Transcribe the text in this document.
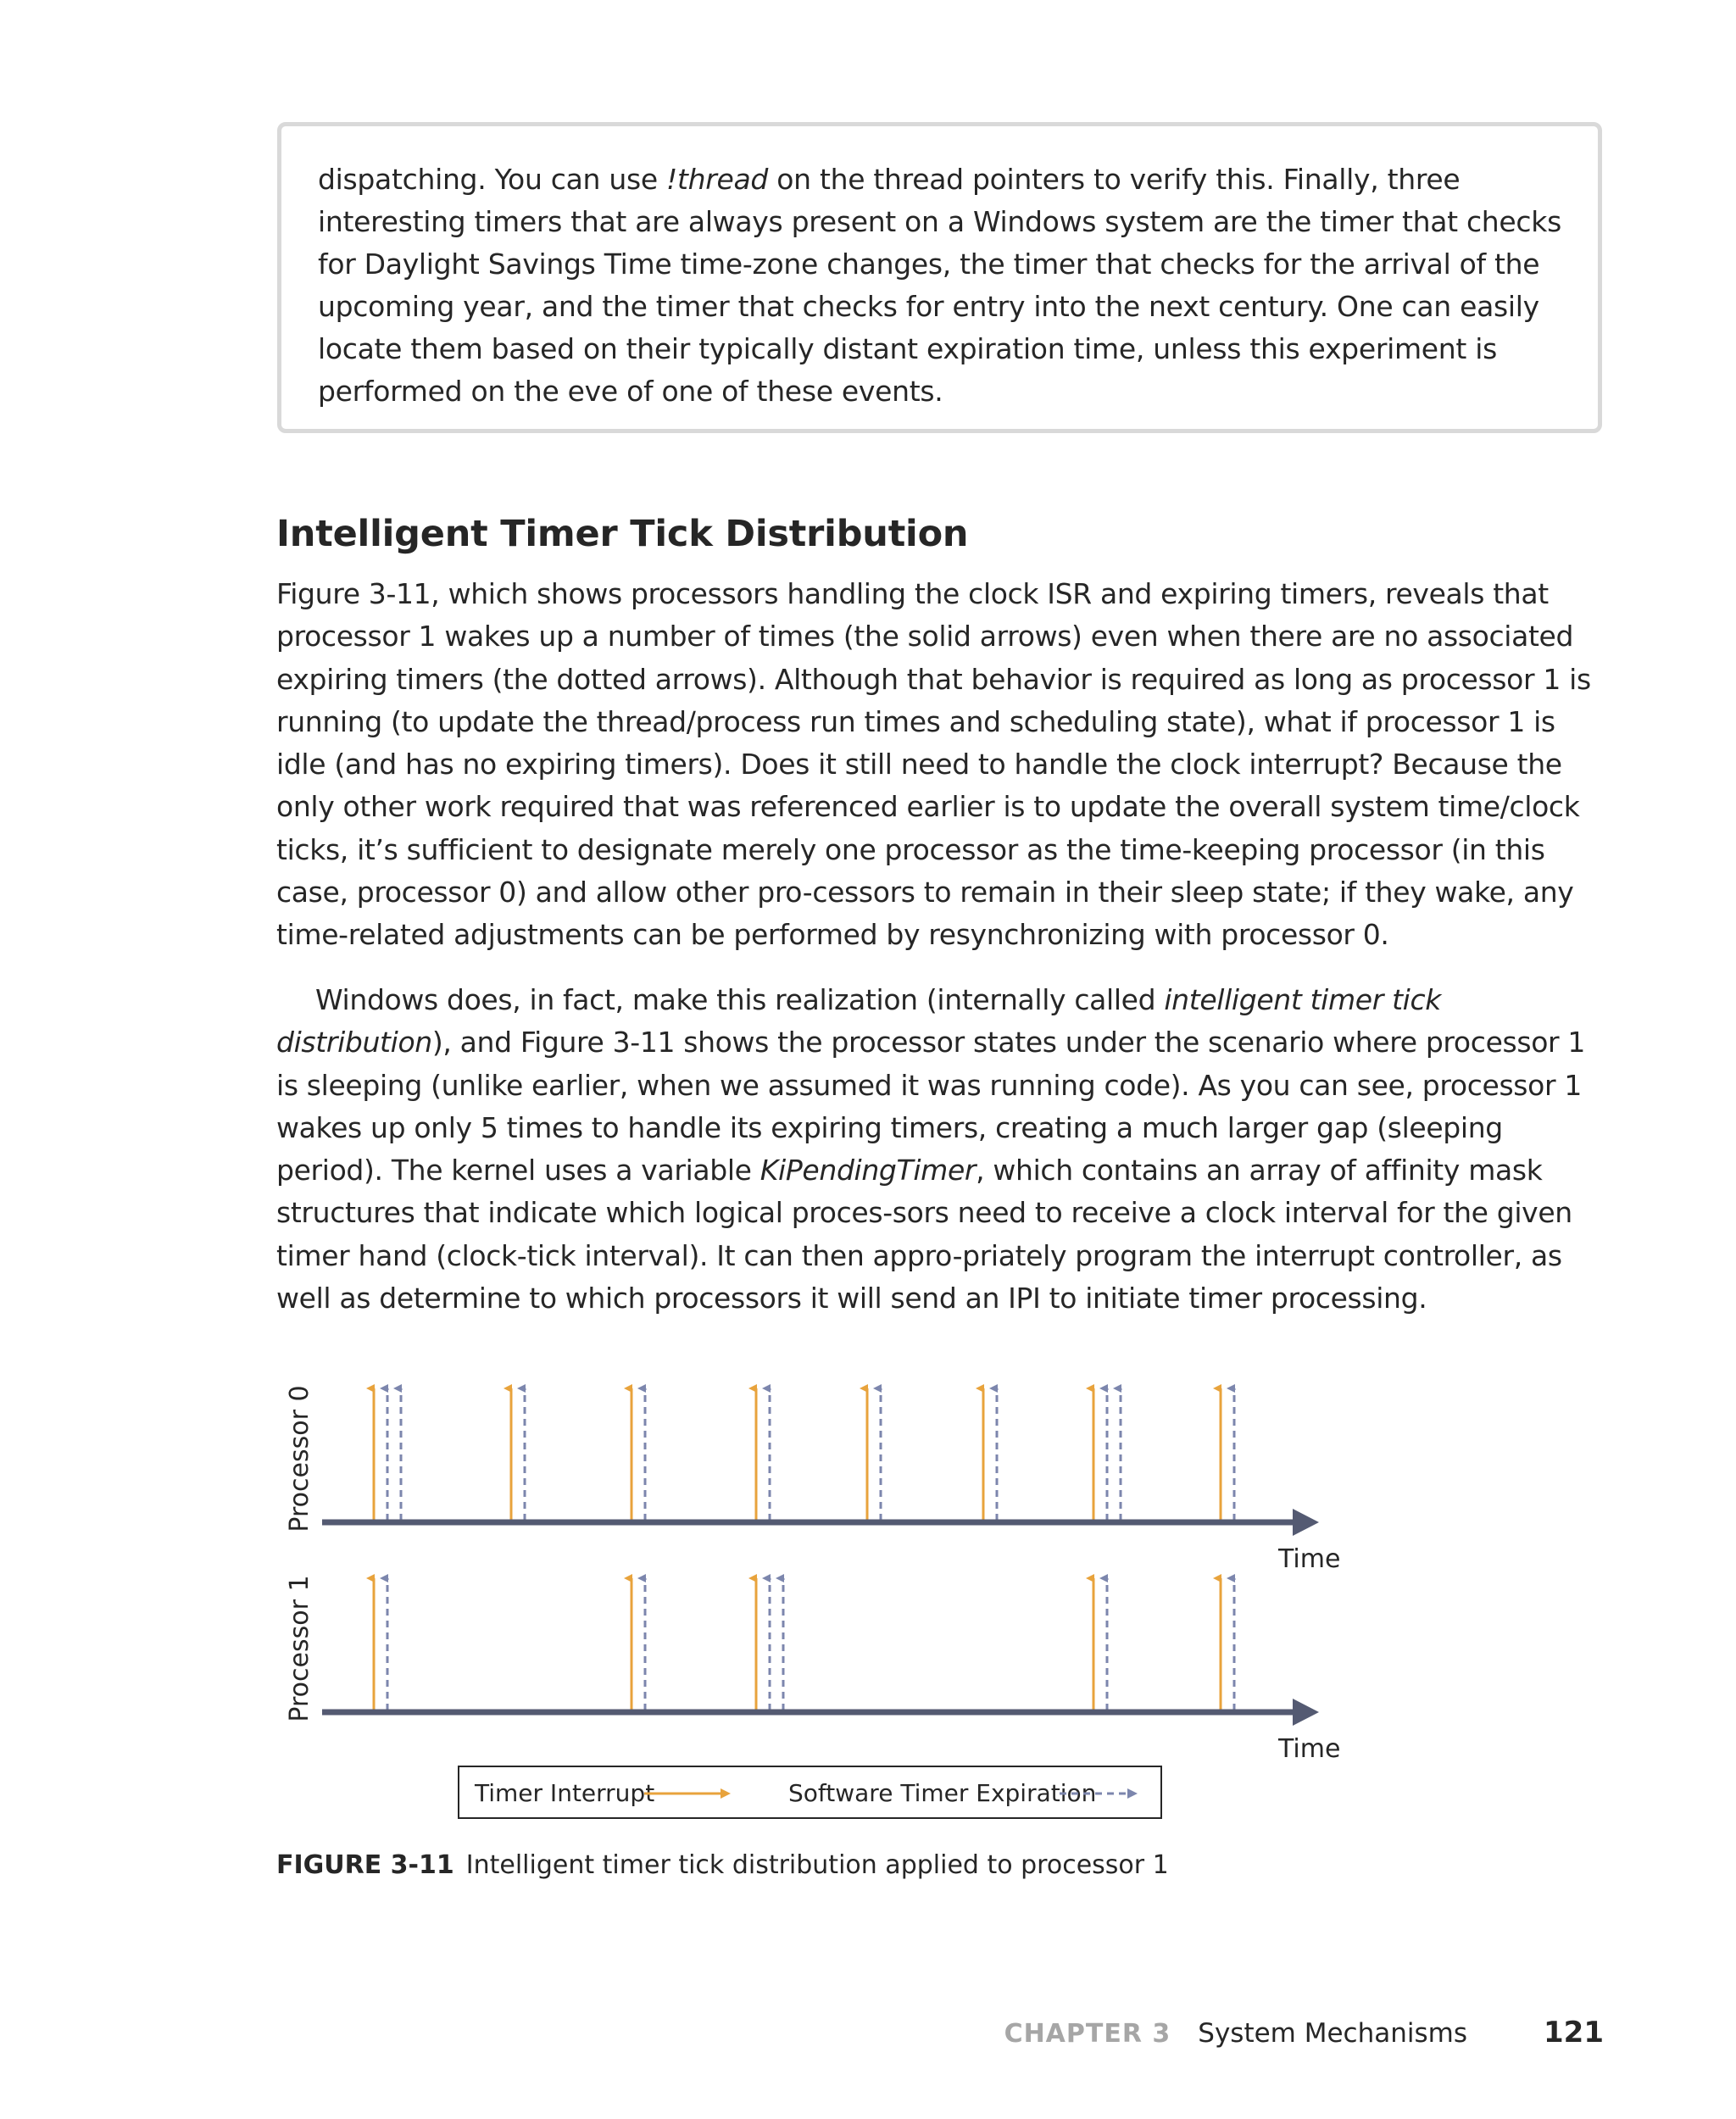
dispatching. You can use !thread on the thread pointers to verify this. Finally, three interesting timers that are always present on a Windows system are the timer that checks for Daylight Savings Time time-zone changes, the timer that checks for the arrival of the upcoming year, and the timer that checks for entry into the next century. One can easily locate them based on their typically distant expiration time, unless this experiment is performed on the eve of one of these events.

Intelligent Timer Tick Distribution

Figure 3-11, which shows processors handling the clock ISR and expiring timers, reveals that processor 1 wakes up a number of times (the solid arrows) even when there are no associated expiring timers (the dotted arrows). Although that behavior is required as long as processor 1 is running (to update the thread/process run times and scheduling state), what if processor 1 is idle (and has no expiring timers). Does it still need to handle the clock interrupt? Because the only other work required that was referenced earlier is to update the overall system time/clock ticks, it’s sufficient to designate merely one processor as the time-keeping processor (in this case, processor 0) and allow other pro-cessors to remain in their sleep state; if they wake, any time-related adjustments can be performed by resynchronizing with processor 0.

Windows does, in fact, make this realization (internally called intelligent timer tick distribution), and Figure 3-11 shows the processor states under the scenario where processor 1 is sleeping (unlike earlier, when we assumed it was running code). As you can see, processor 1 wakes up only 5 times to handle its expiring timers, creating a much larger gap (sleeping period). The kernel uses a variable KiPendingTimer, which contains an array of affinity mask structures that indicate which logical proces-sors need to receive a clock interval for the given timer hand (clock-tick interval). It can then appro-priately program the interrupt controller, as well as determine to which processors it will send an IPI to initiate timer processing.

Processor 0
Time
Processor 1
Time
Timer Interrupt	Software Timer Expiration

FIGURE 3-11 Intelligent timer tick distribution applied to processor 1

CHAPTER 3 System Mechanisms	121
